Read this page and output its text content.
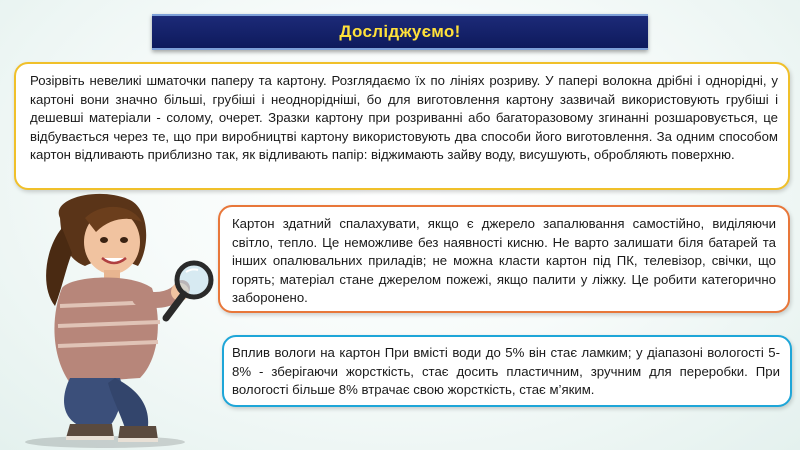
Досліджуємо!

Розірвіть невеликі шматочки паперу та картону. Розглядаємо їх по лініях розриву. У папері волокна дрібні і однорідні, у картоні вони значно більші, грубіші і неоднорідніші, бо для виготовлення картону зазвичай використовують грубіші і дешевші матеріали - солому, очерет. Зразки картону при розриванні або багаторазовому згинанні розшаровується, це відбувається через те, що при виробництві картону використовують два способи його виготовлення. За одним способом картон відливають приблизно так, як відливають папір: віджимають зайву воду, висушують, обробляють поверхню.

Картон здатний спалахувати, якщо є джерело запалювання самостійно, виділяючи світло, тепло. Це неможливе без наявності кисню. Не варто залишати біля батарей та інших опалювальних приладів; не можна класти картон під ПК, телевізор, свічки, що горять; матеріал стане джерелом пожежі, якщо палити у ліжку. Це робити категорично заборонено.

Вплив вологи на картон При вмісті води до 5% він стає ламким; у діапазоні вологості 5-8% - зберігаючи жорсткість, стає досить пластичним, зручним для переробки. При вологості більше 8% втрачає свою жорсткість, стає м’яким.
